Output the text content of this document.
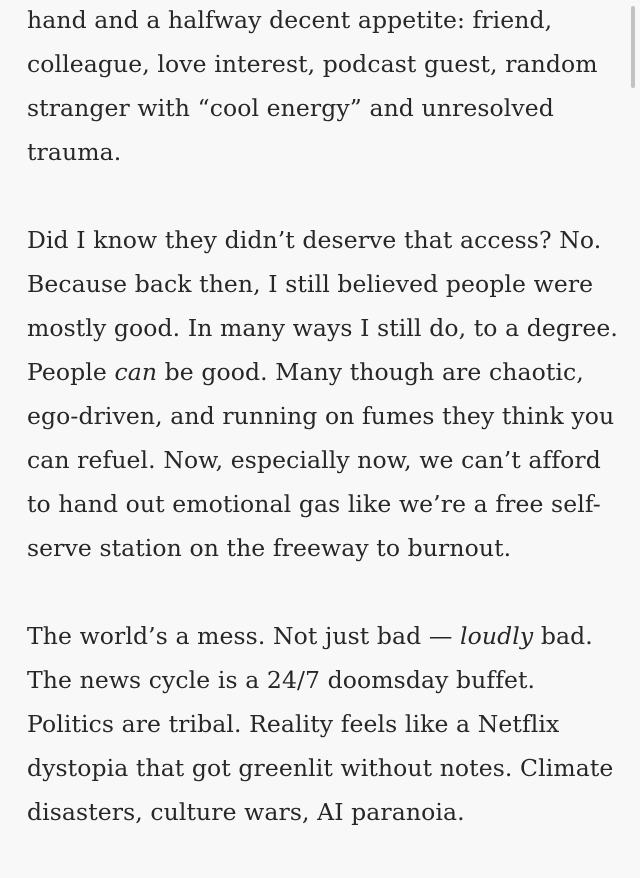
hand and a halfway decent appetite: friend, colleague, love interest, podcast guest, random stranger with “cool energy” and unresolved trauma.

Did I know they didn’t deserve that access? No. Because back then, I still believed people were mostly good. In many ways I still do, to a degree. People can be good. Many though are chaotic, ego-driven, and running on fumes they think you can refuel. Now, especially now, we can’t afford to hand out emotional gas like we’re a free self-serve station on the freeway to burnout.

The world’s a mess. Not just bad — loudly bad. The news cycle is a 24/7 doomsday buffet. Politics are tribal. Reality feels like a Netflix dystopia that got greenlit without notes. Climate disasters, culture wars, AI paranoia.
